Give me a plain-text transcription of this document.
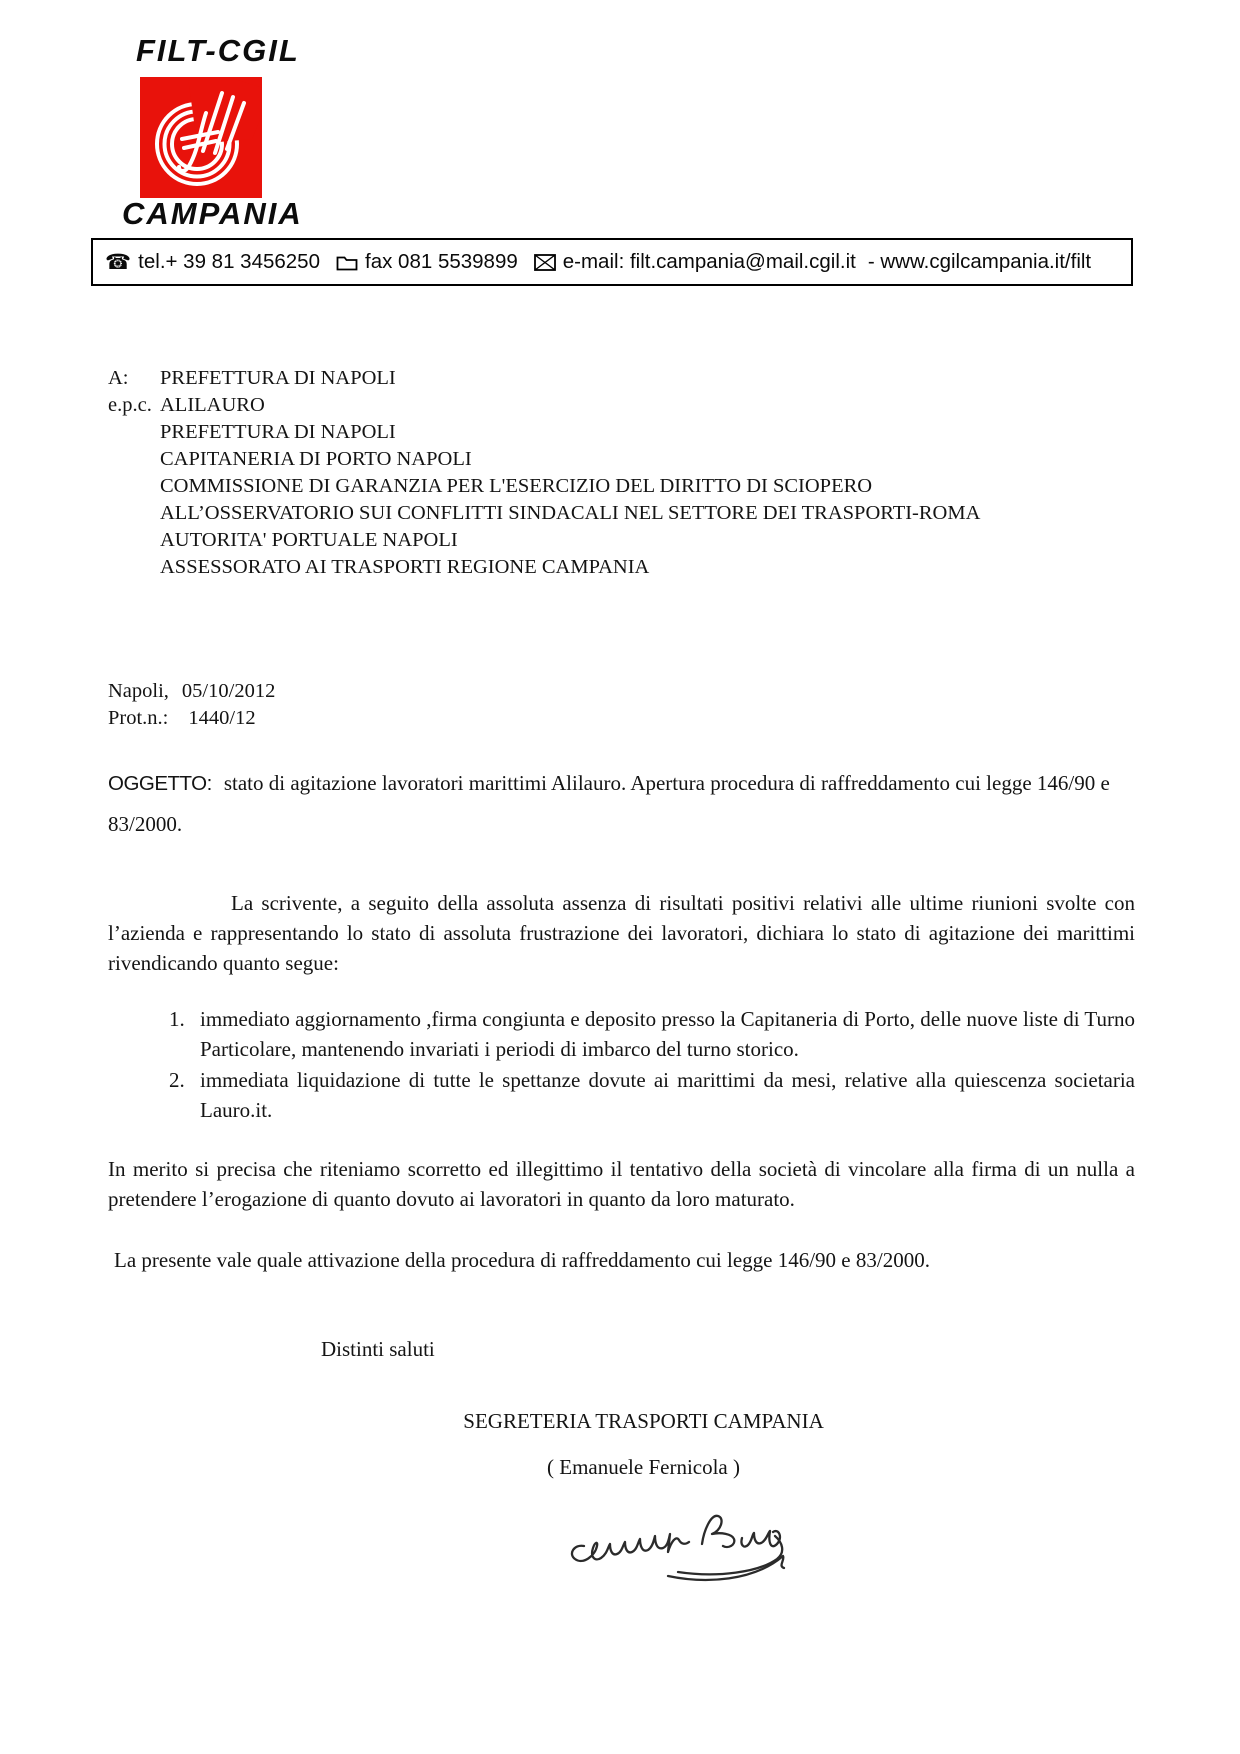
FILT-CGIL
CAMPANIA
☎ tel.+ 39 81 3456250 fax 081 5539899 e-mail: filt.campania@mail.cgil.it - www.cgilcampania.it/filt
A:	PREFETTURA DI NAPOLI
e.p.c. ALILAURO
PREFETTURA DI NAPOLI
CAPITANERIA DI PORTO NAPOLI
COMMISSIONE DI GARANZIA PER L'ESERCIZIO DEL DIRITTO DI SCIOPERO
ALL’OSSERVATORIO SUI CONFLITTI SINDACALI NEL SETTORE DEI TRASPORTI-ROMA
AUTORITA' PORTUALE NAPOLI
ASSESSORATO AI TRASPORTI REGIONE CAMPANIA
Napoli, 05/10/2012
Prot.n.: 1440/12

OGGETTO: stato di agitazione lavoratori marittimi Alilauro. Apertura procedura di raffreddamento cui legge 146/90 e 83/2000.

La scrivente, a seguito della assoluta assenza di risultati positivi relativi alle ultime riunioni svolte con l’azienda e rappresentando lo stato di assoluta frustrazione dei lavoratori, dichiara lo stato di agitazione dei marittimi rivendicando quanto segue:

1. immediato aggiornamento ,firma congiunta e deposito presso la Capitaneria di Porto, delle nuove liste di Turno Particolare, mantenendo invariati i periodi di imbarco del turno storico.
2. immediata liquidazione di tutte le spettanze dovute ai marittimi da mesi, relative alla quiescenza societaria Lauro.it.

In merito si precisa che riteniamo scorretto ed illegittimo il tentativo della società di vincolare alla firma di un nulla a pretendere l’erogazione di quanto dovuto ai lavoratori in quanto da loro maturato.

La presente vale quale attivazione della procedura di raffreddamento cui legge 146/90 e 83/2000.

Distinti saluti

SEGRETERIA TRASPORTI CAMPANIA
( Emanuele Fernicola )
